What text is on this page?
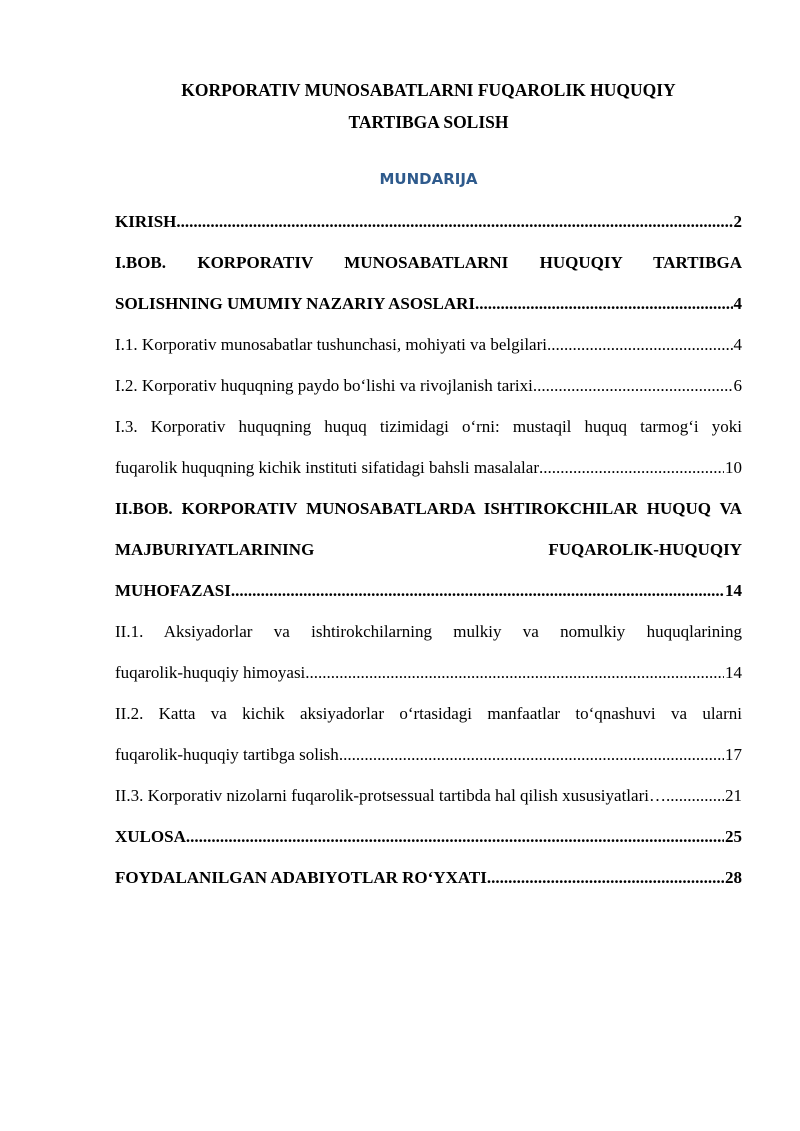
KORPORATIV MUNOSABATLARNI FUQAROLIK HUQUQIY
TARTIBGA SOLISH
MUNDARIJA
KIRISH .....	2
I.BOB. KORPORATIV MUNOSABATLARNI HUQUQIY TARTIBGA
SOLISHNING UMUMIY NAZARIY ASOSLARI .....	4
I.1. Korporativ munosabatlar tushunchasi, mohiyati va belgilari .....	4
I.2. Korporativ huquqning paydo bo‘lishi va rivojlanish tarixi .....	6
I.3. Korporativ huquqning huquq tizimidagi o‘rni: mustaqil huquq tarmog‘i yoki
fuqarolik huquqning kichik instituti sifatidagi bahsli masalalar .....	10
II.BOB. KORPORATIV MUNOSABATLARDA ISHTIROKCHILAR HUQUQ VA MAJBURIYATLARINING FUQAROLIK-HUQUQIY
MUHOFAZASI .....	14
II.1. Aksiyadorlar va ishtirokchilarning mulkiy va nomulkiy huquqlarining
fuqarolik-huquqiy himoyasi .....	14
II.2. Katta va kichik aksiyadorlar o‘rtasidagi manfaatlar to‘qnashuvi va ularni
fuqarolik-huquqiy tartibga solish .....	17
II.3. Korporativ nizolarni fuqarolik-protsessual tartibda hal qilish xususiyatlari… .....	21
XULOSA .....	25
FOYDALANILGAN ADABIYOTLAR RO‘YXATI .....	28
